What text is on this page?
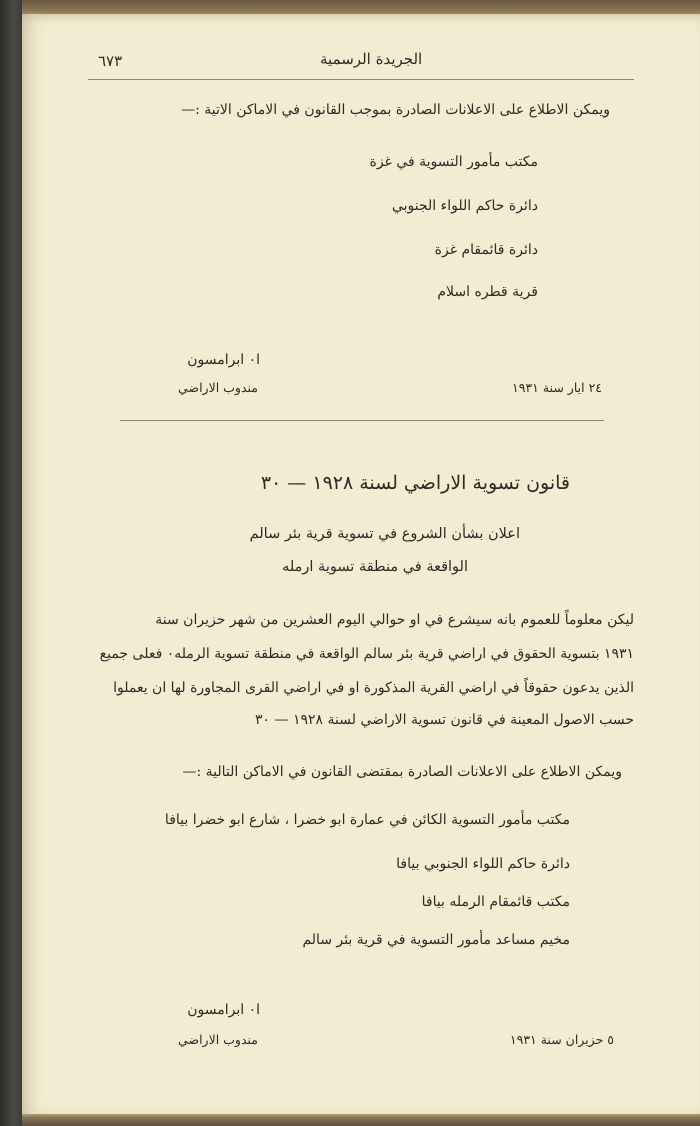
٦٧٣	الجريدة الرسمية
ويمكن الاطلاع على الاعلانات الصادرة بموجب القانون في الاماكن الاتية :—
مكتب مأمور التسوية في غزة
دائرة حاكم اللواء الجنوبي
دائرة قائمقام غزة
قرية قطره اسلام
ا٠ ابرامسون
مندوب الاراضي	٢٤ ايار سنة ١٩٣١
قانون تسوية الاراضي لسنة ١٩٢٨ — ٣٠
اعلان بشأن الشروع في تسوية قرية بئر سالم
الواقعة في منطقة تسوية ارمله
ليكن معلوماً للعموم بانه سيشرع في او حوالي اليوم العشرين من شهر حزيران سنة
١٩٣١ بتسوية الحقوق في اراضي قرية بئر سالم الواقعة في منطقة تسوية الرمله٠ فعلى جميع
الذين يدعون حقوقاً في اراضي القرية المذكورة او في اراضي القرى المجاورة لها ان يعملوا
حسب الاصول المعينة في قانون تسوية الاراضي لسنة ١٩٢٨ — ٣٠
ويمكن الاطلاع على الاعلانات الصادرة بمقتضى القانون في الاماكن التالية :—
مكتب مأمور التسوية الكائن في عمارة ابو خضرا ، شارع ابو خضرا بيافا
دائرة حاكم اللواء الجنوبي بيافا
مكتب قائمقام الرمله بيافا
مخيم مساعد مأمور التسوية في قرية بئر سالم
ا٠ ابرامسون
مندوب الاراضي	٥ حزيران سنة ١٩٣١
